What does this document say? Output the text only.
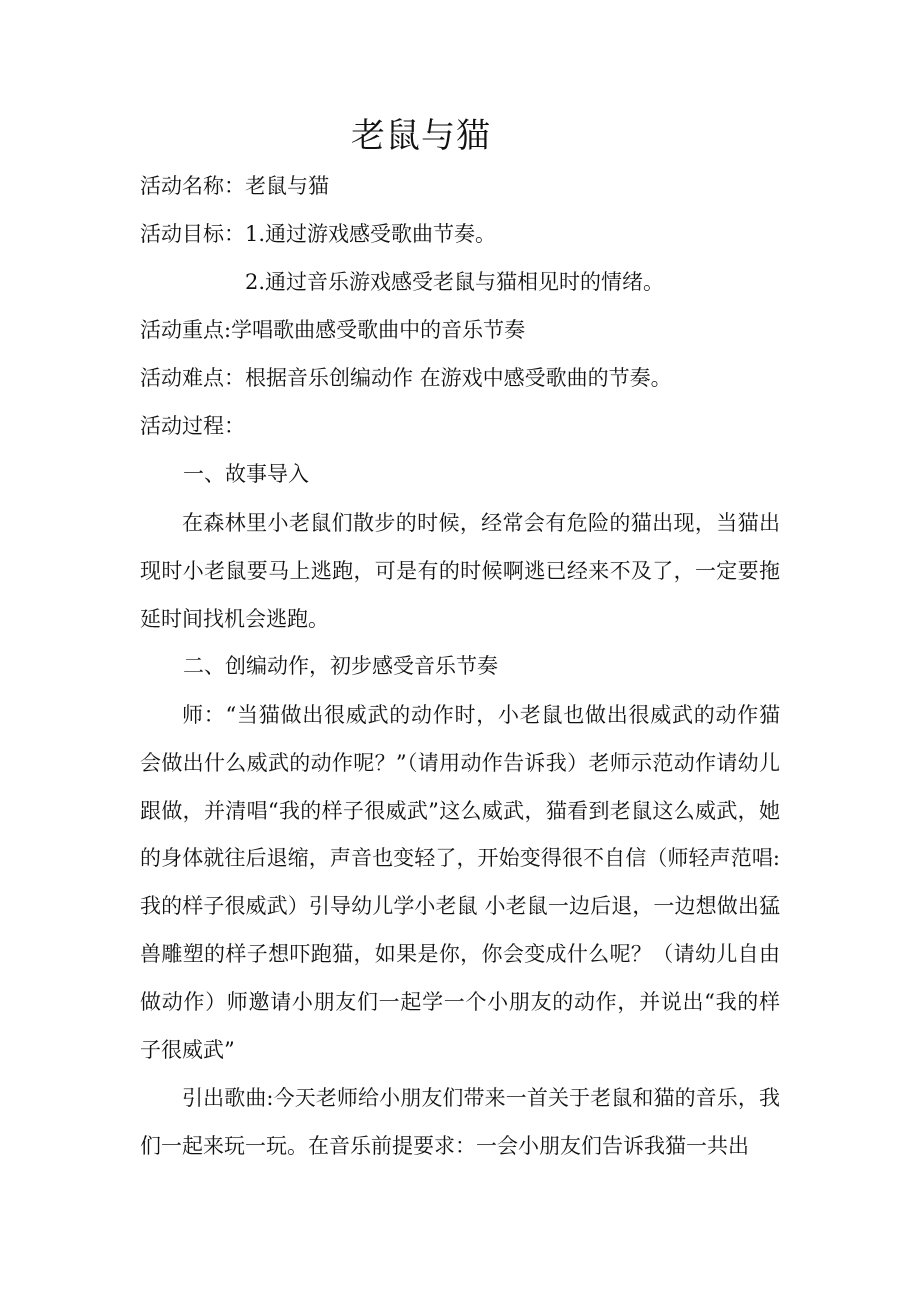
老鼠与猫
活动名称：老鼠与猫
活动目标：1.通过游戏感受歌曲节奏。
2.通过音乐游戏感受老鼠与猫相见时的情绪。
活动重点:学唱歌曲感受歌曲中的音乐节奏
活动难点：根据音乐创编动作 在游戏中感受歌曲的节奏。
活动过程：
一、故事导入
在森林里小老鼠们散步的时候，经常会有危险的猫出现，当猫出现时小老鼠要马上逃跑，可是有的时候啊逃已经来不及了，一定要拖延时间找机会逃跑。
二、创编动作，初步感受音乐节奏
师：“当猫做出很威武的动作时，小老鼠也做出很威武的动作猫会做出什么威武的动作呢？”（请用动作告诉我）老师示范动作请幼儿跟做，并清唱“我的样子很威武”这么威武，猫看到老鼠这么威武，她的身体就往后退缩，声音也变轻了，开始变得很不自信（师轻声范唱:我的样子很威武）引导幼儿学小老鼠 小老鼠一边后退，一边想做出猛兽雕塑的样子想吓跑猫，如果是你，你会变成什么呢？（请幼儿自由做动作）师邀请小朋友们一起学一个小朋友的动作，并说出“我的样子很威武”
引出歌曲:今天老师给小朋友们带来一首关于老鼠和猫的音乐，我们一起来玩一玩。在音乐前提要求：一会小朋友们告诉我猫一共出
